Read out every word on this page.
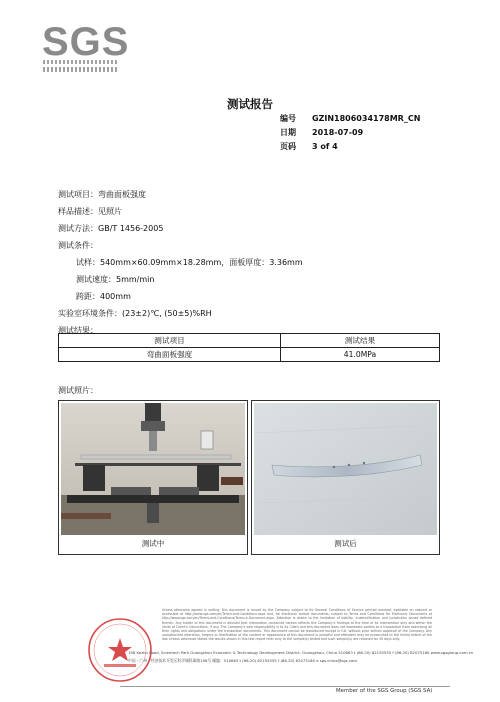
SGS
测试报告
编号 GZIN1806034178MR_CN
日期 2018-07-09
页码 3 of 4
测试项目：弯曲面板强度
样品描述：见照片
测试方法：GB/T 1456-2005
测试条件：
试样：540mm×60.09mm×18.28mm，面板厚度：3.36mm
测试速度：5mm/min
跨距：400mm
实验室环境条件：(23±2)℃, (50±5)%RH
测试结果：
测试项目	测试结果
弯曲面板强度	41.0MPa
测试照片：
测试中	测试后
Unless otherwise agreed in writing, this document is issued by the Company subject to its General Conditions of Service printed overleaf, available on request or accessible at http://www.sgs.com/en/Terms-and-Conditions.aspx and, for electronic format documents, subject to Terms and Conditions for Electronic Documents at http://www.sgs.com/en/Terms-and-Conditions/Terms-e-Document.aspx. Attention is drawn to the limitation of liability, indemnification and jurisdiction issues defined therein. Any holder of this document is advised that information contained hereon reflects the Company's findings at the time of its intervention only and within the limits of Client's instructions, if any. The Company's sole responsibility is to its Client and this document does not exonerate parties to a transaction from exercising all their rights and obligations under the transaction documents. This document cannot be reproduced except in full, without prior written approval of the Company. Any unauthorized alteration, forgery or falsification of the content or appearance of this document is unlawful and offenders may be prosecuted to the fullest extent of the law. Unless otherwise stated the results shown in this test report refer only to the sample(s) tested and such sample(s) are retained for 30 days only.
198 Kezhu Road, Scientech Park Guangzhou Economic & Technology Development District, Guangzhou, China 510663 t (86-20) 82155555 f (86-20) 82075180 www.sgsgroup.com.cn
中国・广州・经济技术开发区科学城科珠路198号 邮编：510663 t (86-20) 82155555 f (86-20) 82075180 e sgs.china@sgs.com
Member of the SGS Group (SGS SA)
